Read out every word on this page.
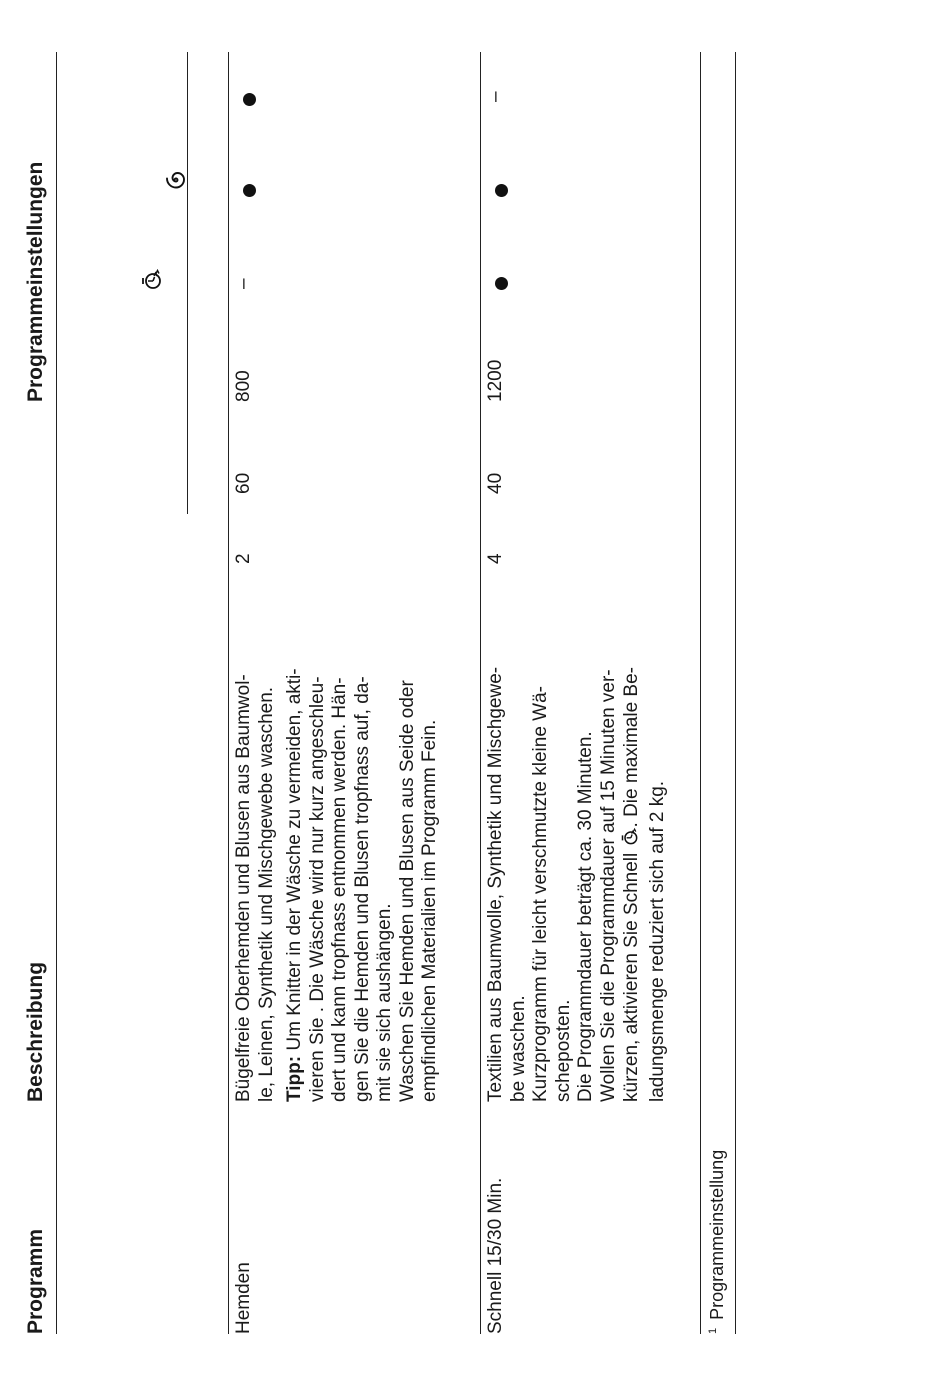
Programm
Beschreibung
Programmeinstellungen
Hemden

Bügelfreie Oberhemden und Blusen aus Baumwol- le, Leinen, Synthetik und Mischgewebe waschen. Tipp: Um Knitter in der Wäsche zu vermeiden, akti- vieren Sie . Die Wäsche wird nur kurz angeschleu- dert und kann tropfnass entnommen werden. Hän- gen Sie die Hemden und Blusen tropfnass auf, da- mit sie sich aushängen. Waschen Sie Hemden und Blusen aus Seide oder empfindlichen Materialien im Programm Fein.

2
60
800
–
Schnell 15/30 Min.

Textilien aus Baumwolle, Synthetik und Mischgewe- be waschen. Kurzprogramm für leicht verschmutzte kleine Wä- scheposten. Die Programmdauer beträgt ca. 30 Minuten. Wollen Sie die Programmdauer auf 15 Minuten ver- kürzen, aktivieren Sie Schnell . Die maximale Be-

ladungsmenge reduziert sich auf 2 kg.

4
40
1200
–
$^1$Programmeinstellung
